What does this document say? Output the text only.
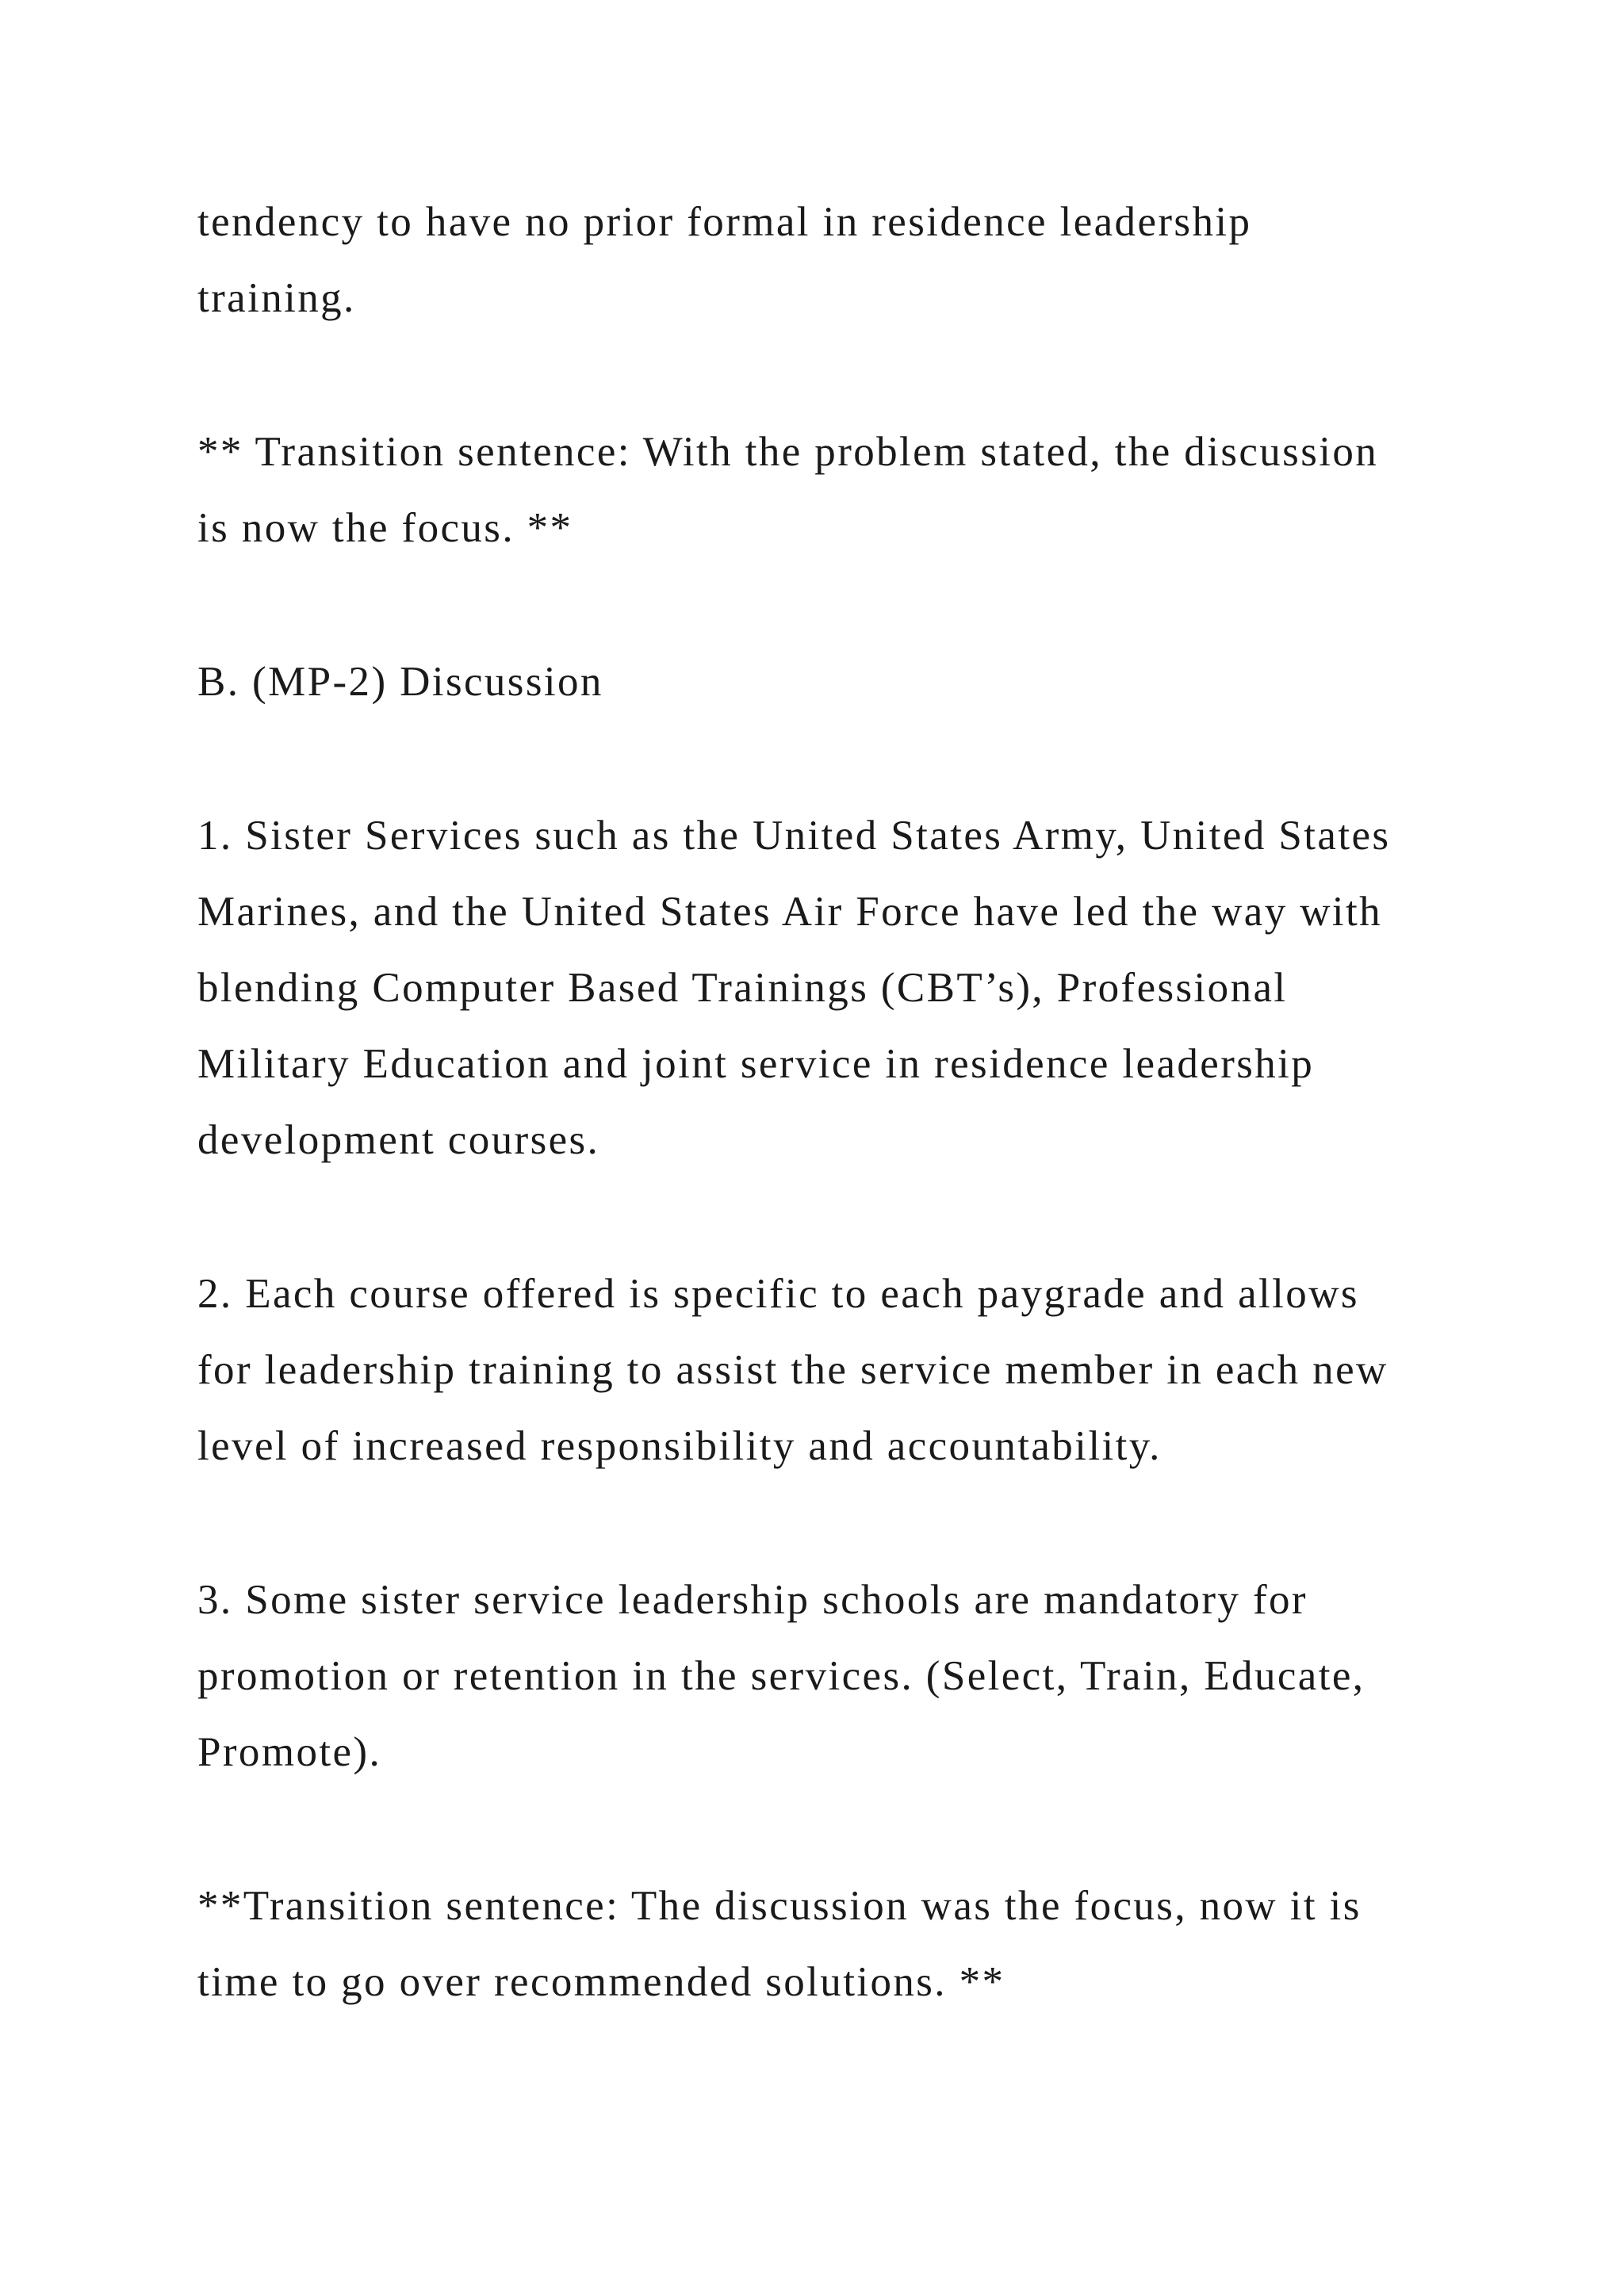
tendency to have no prior formal in residence leadership

training.

** Transition sentence: With the problem stated, the discussion

is now the focus. **

B. (MP-2) Discussion

1. Sister Services such as the United States Army, United States

Marines, and the United States Air Force have led the way with

blending Computer Based Trainings (CBT’s), Professional

Military Education and joint service in residence leadership

development courses.

2. Each course offered is specific to each paygrade and allows

for leadership training to assist the service member in each new

level of increased responsibility and accountability.

3. Some sister service leadership schools are mandatory for

promotion or retention in the services. (Select, Train, Educate,

Promote).

**Transition sentence: The discussion was the focus, now it is

time to go over recommended solutions. **
